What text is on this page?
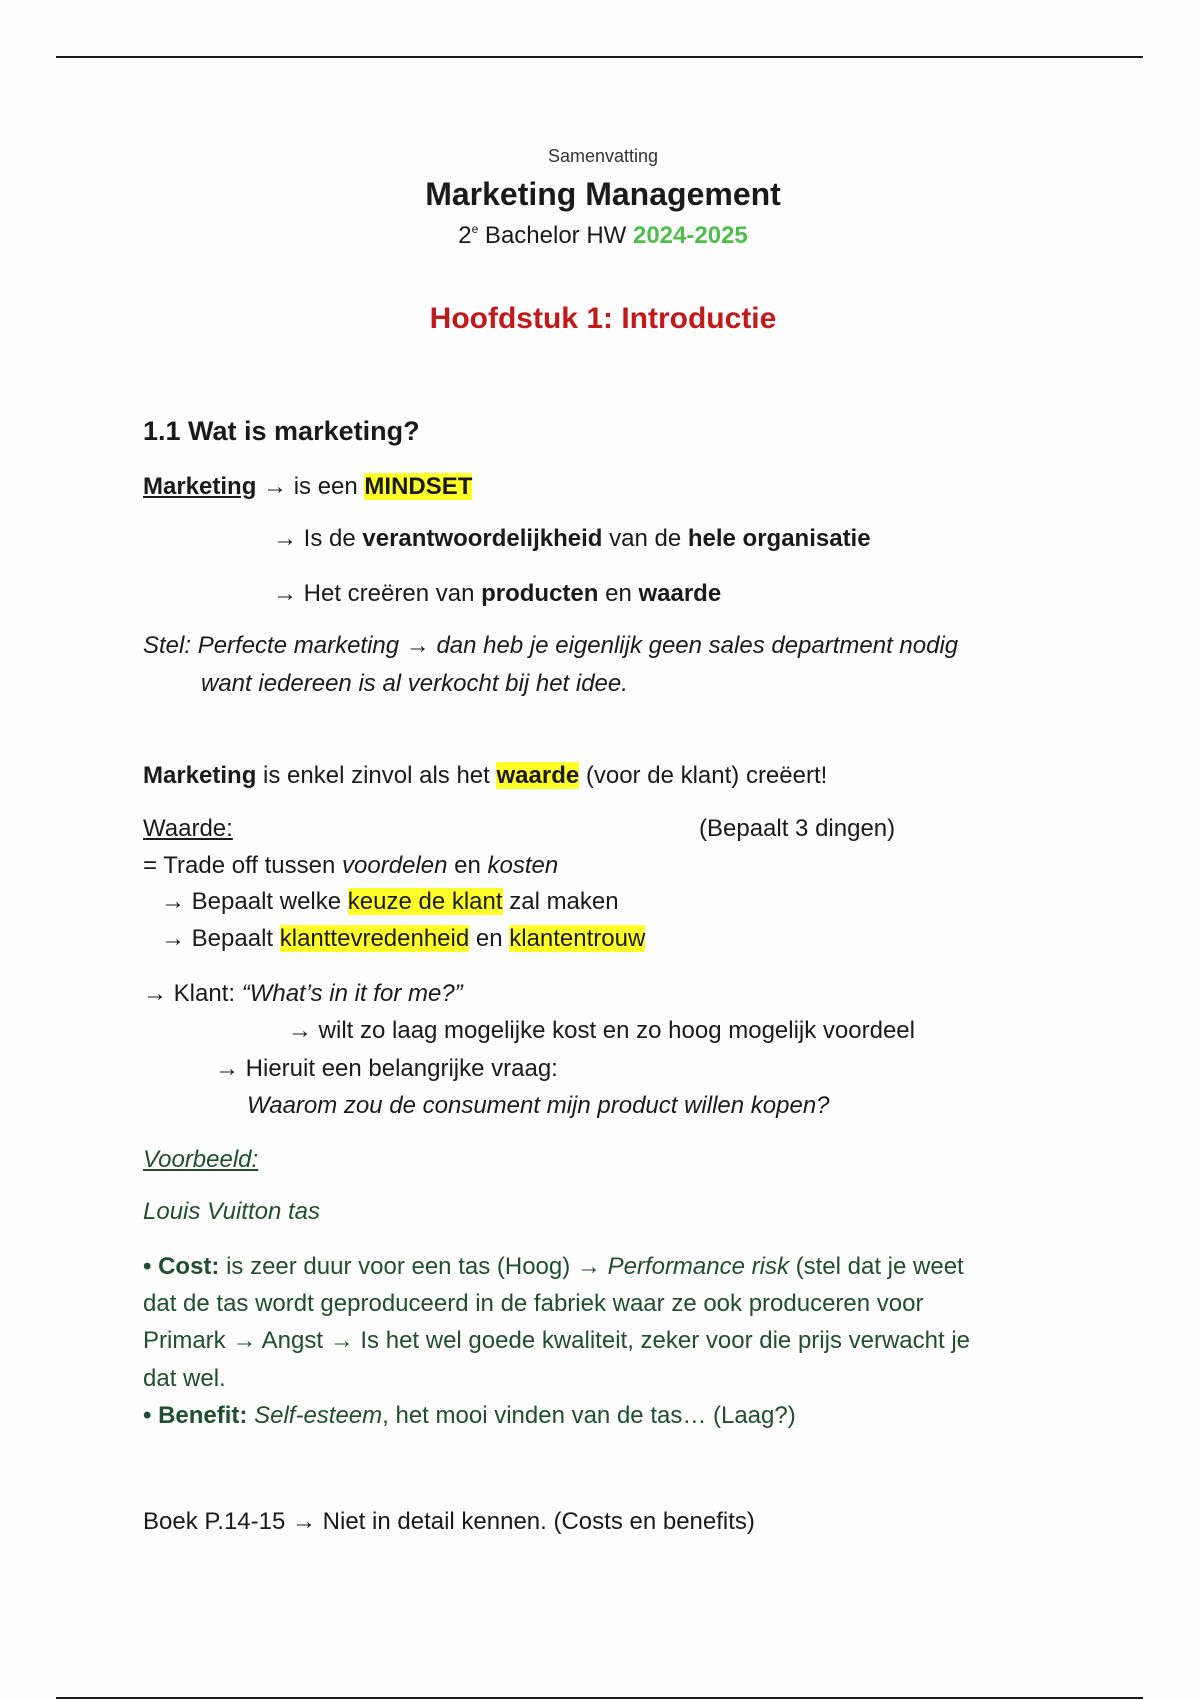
Samenvatting
Marketing Management
2e Bachelor HW 2024-2025
Hoofdstuk 1: Introductie
1.1 Wat is marketing?
Marketing → is een MINDSET
→ Is de verantwoordelijkheid van de hele organisatie
→ Het creëren van producten en waarde
Stel: Perfecte marketing → dan heb je eigenlijk geen sales department nodig
want iedereen is al verkocht bij het idee.
Marketing is enkel zinvol als het waarde (voor de klant) creëert!
Waarde:	(Bepaalt 3 dingen)
= Trade off tussen voordelen en kosten
→ Bepaalt welke keuze de klant zal maken
→ Bepaalt klanttevredenheid en klantentrouw
→ Klant: “What’s in it for me?”
→ wilt zo laag mogelijke kost en zo hoog mogelijk voordeel
→ Hieruit een belangrijke vraag:
Waarom zou de consument mijn product willen kopen?
Voorbeeld:
Louis Vuitton tas
• Cost: is zeer duur voor een tas (Hoog) → Performance risk (stel dat je weet
dat de tas wordt geproduceerd in de fabriek waar ze ook produceren voor
Primark → Angst → Is het wel goede kwaliteit, zeker voor die prijs verwacht je
dat wel.
• Benefit: Self-esteem, het mooi vinden van de tas… (Laag?)
Boek P.14-15 → Niet in detail kennen. (Costs en benefits)
